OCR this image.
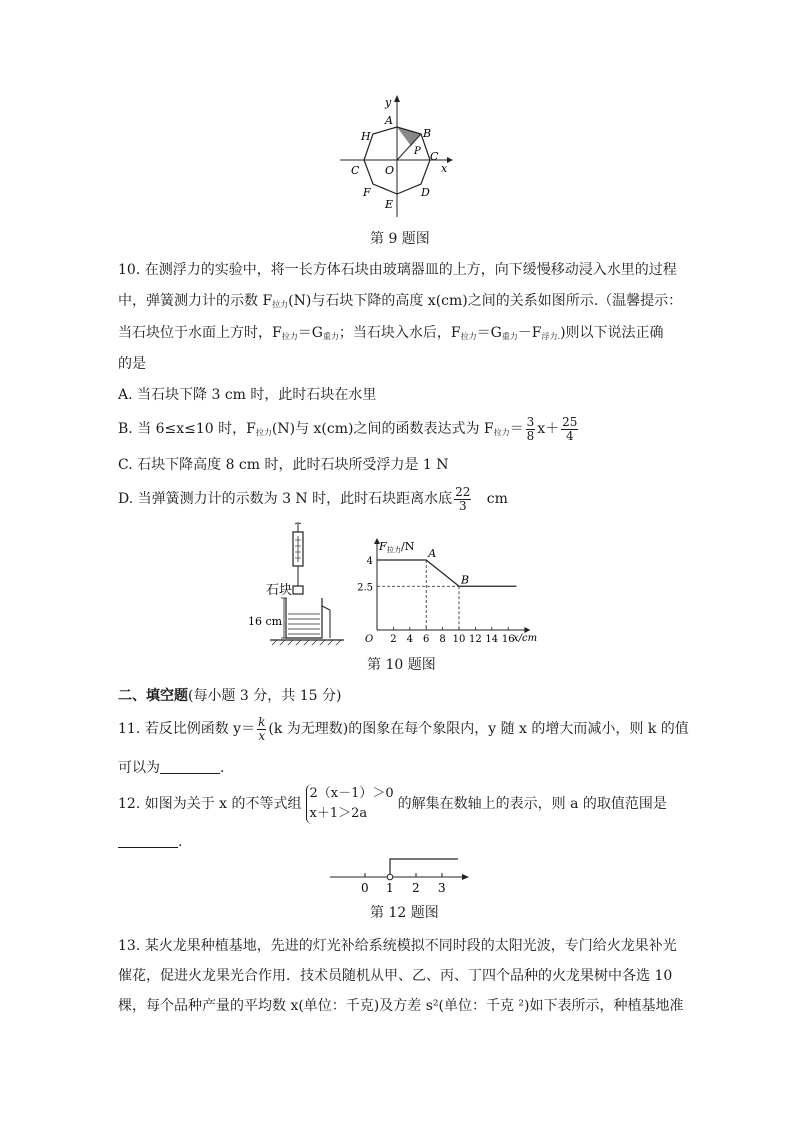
y
x
A
B
H
P C
C O
F	D
E
第 9 题图
10. 在测浮力的实验中，将一长方体石块由玻璃器皿的上方，向下缓慢移动浸入水里的过程
中，弹簧测力计的示数 $F_{拉力}(N)$与石块下降的高度 x(cm)之间的关系如图所示.（温馨提示：
当石块位于水面上方时，$F_{拉力}=G_{重力}$；当石块入水后，$F_{拉力}=G_{重力}-F_{浮力.}$)则以下说法正确
的是
A. 当石块下降 3 cm 时，此时石块在水里
B. 当 6≤x≤10 时，$F_{拉力}(N)$与 x(cm)之间的函数表达式为 $F_{拉力}= \frac{3}{8} x+ \frac{25}{4}$
C. 石块下降高度 8 cm 时，此时石块所受浮力是 1 N
D. 当弹簧测力计的示数为 3 N 时，此时石块距离水底 $\frac{22}{3}$ cm
石块
16 cm
O 2 4 6 8 10 12 14 16
4
2.5
A
B
F 拉力 /N
x/cm
第 10 题图
二、填空题(每小题 3 分，共 15 分)
11. 若反比例函数 $y= \frac{k}{x} (k$ 为无理数)的图象在每个象限内，y 随 x 的增大而减小，则 k 的值
可以为	.
12. 如图为关于 x 的不等式组
2（x－1）＞0
x＋1＞2a
的解集在数轴上的表示，则 a 的取值范围是
.
0 1 2 3
第 12 题图
13. 某火龙果种植基地，先进的灯光补给系统模拟不同时段的太阳光波，专门给火龙果补光
催花，促进火龙果光合作用．技术员随机从甲、乙、丙、丁四个品种的火龙果树中各选 10
棵，每个品种产量的平均数 x(单位：千克)及方差 s²(单位：千克 ²)如下表所示，种植基地准
